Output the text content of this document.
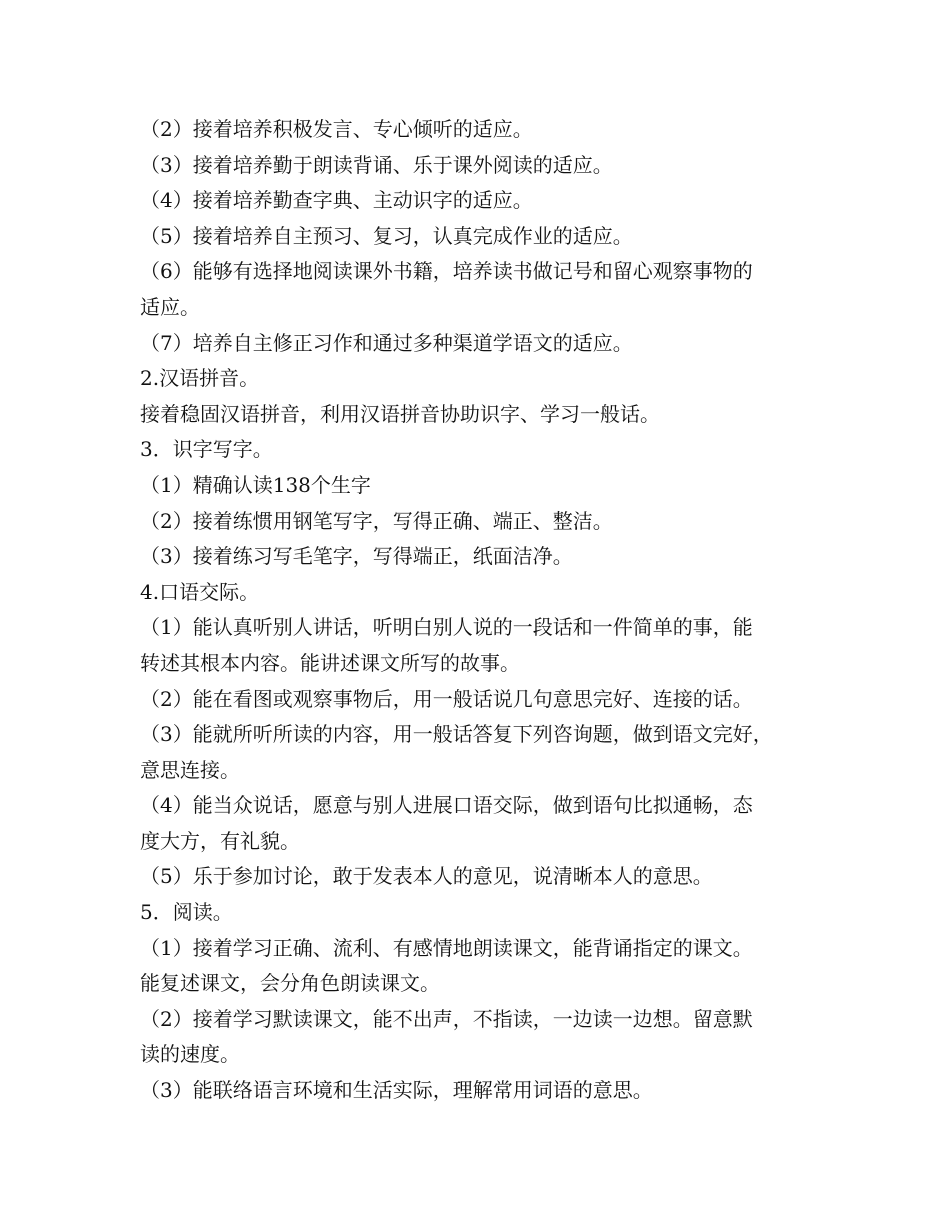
（2）接着培养积极发言、专心倾听的适应。
（3）接着培养勤于朗读背诵、乐于课外阅读的适应。
（4）接着培养勤查字典、主动识字的适应。
（5）接着培养自主预习、复习，认真完成作业的适应。
（6）能够有选择地阅读课外书籍，培养读书做记号和留心观察事物的
适应。
（7）培养自主修正习作和通过多种渠道学语文的适应。
2.汉语拼音。
接着稳固汉语拼音，利用汉语拼音协助识字、学习一般话。
3．识字写字。
（1）精确认读138个生字
（2）接着练惯用钢笔写字，写得正确、端正、整洁。
（3）接着练习写毛笔字，写得端正，纸面洁净。
4.口语交际。
（1）能认真听别人讲话，听明白别人说的一段话和一件简单的事，能
转述其根本内容。能讲述课文所写的故事。
（2）能在看图或观察事物后，用一般话说几句意思完好、连接的话。
（3）能就所听所读的内容，用一般话答复下列咨询题，做到语文完好，
意思连接。
（4）能当众说话，愿意与别人进展口语交际，做到语句比拟通畅，态
度大方，有礼貌。
（5）乐于参加讨论，敢于发表本人的意见，说清晰本人的意思。
5．阅读。
（1）接着学习正确、流利、有感情地朗读课文，能背诵指定的课文。
能复述课文，会分角色朗读课文。
（2）接着学习默读课文，能不出声，不指读，一边读一边想。留意默
读的速度。
（3）能联络语言环境和生活实际，理解常用词语的意思。
